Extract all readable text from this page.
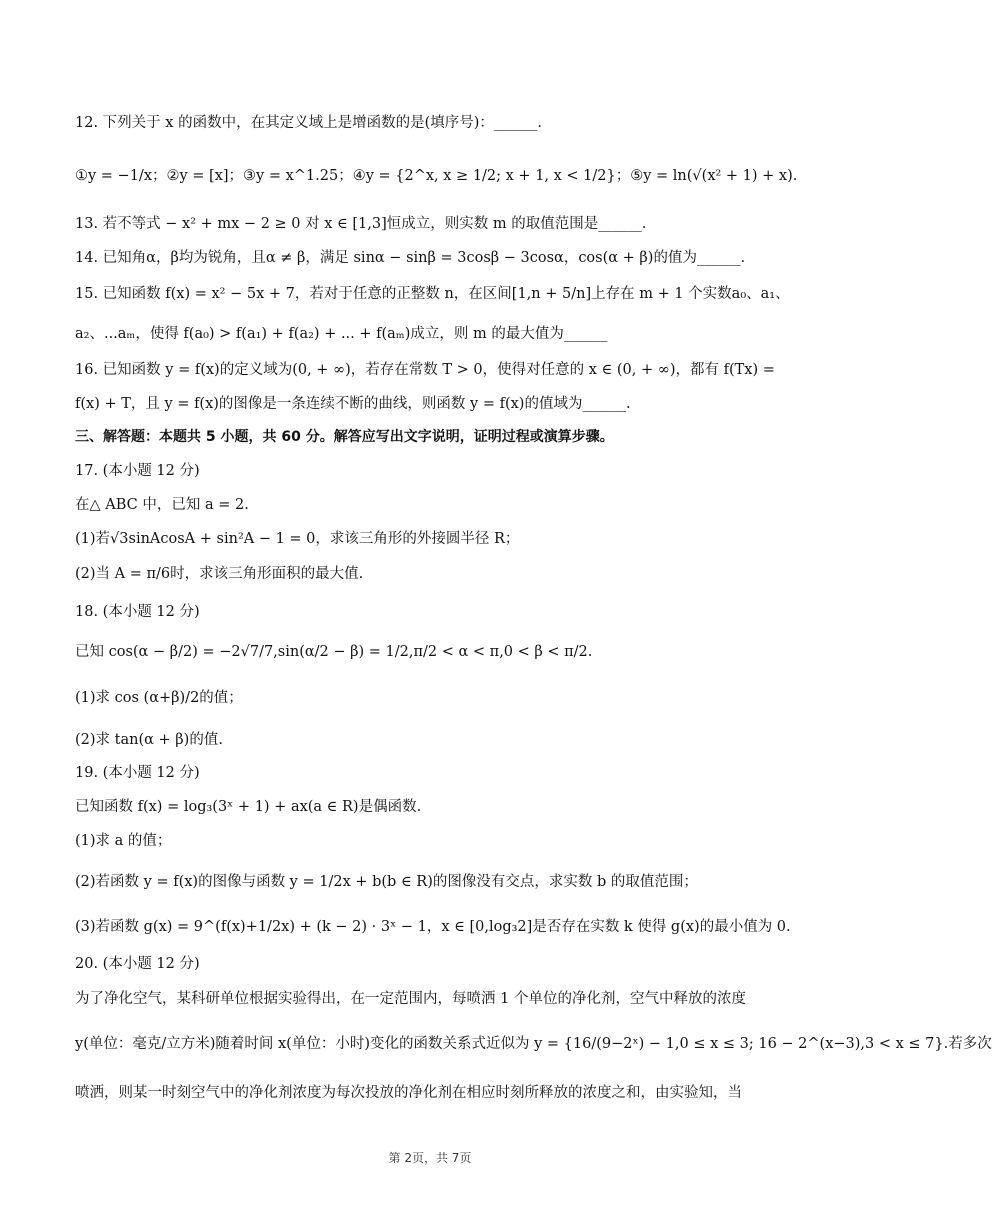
12. 下列关于 x 的函数中，在其定义域上是增函数的是(填序号)：______.
①y = −1/x；②y = [x]；③y = x^1.25；④y = {2^x, x ≥ 1/2; x + 1, x < 1/2}；⑤y = ln(√(x² + 1) + x).
13. 若不等式 − x² + mx − 2 ≥ 0 对 x ∈ [1,3]恒成立，则实数 m 的取值范围是______.
14. 已知角α，β均为锐角，且α ≠ β，满足 sinα − sinβ = 3cosβ − 3cosα，cos(α + β)的值为______.
15. 已知函数 f(x) = x² − 5x + 7，若对于任意的正整数 n，在区间[1,n + 5/n]上存在 m + 1 个实数a₀、a₁、
a₂、...aₘ，使得 f(a₀) > f(a₁) + f(a₂) + ... + f(aₘ)成立，则 m 的最大值为______
16. 已知函数 y = f(x)的定义域为(0, + ∞)，若存在常数 T > 0，使得对任意的 x ∈ (0, + ∞)，都有 f(Tx) =
f(x) + T，且 y = f(x)的图像是一条连续不断的曲线，则函数 y = f(x)的值域为______.
三、解答题：本题共 5 小题，共 60 分。解答应写出文字说明，证明过程或演算步骤。
17. (本小题 12 分)
在△ ABC 中，已知 a = 2.
(1)若√3sinAcosA + sin²A − 1 = 0，求该三角形的外接圆半径 R；
(2)当 A = π/6时，求该三角形面积的最大值.
18. (本小题 12 分)
已知 cos(α − β/2) = −2√7/7,sin(α/2 − β) = 1/2,π/2 < α < π,0 < β < π/2.
(1)求 cos (α+β)/2的值；
(2)求 tan(α + β)的值.
19. (本小题 12 分)
已知函数 f(x) = log₃(3ˣ + 1) + ax(a ∈ R)是偶函数.
(1)求 a 的值；
(2)若函数 y = f(x)的图像与函数 y = 1/2x + b(b ∈ R)的图像没有交点，求实数 b 的取值范围；
(3)若函数 g(x) = 9^(f(x)+1/2x) + (k − 2) · 3ˣ − 1，x ∈ [0,log₃2]是否存在实数 k 使得 g(x)的最小值为 0.
20. (本小题 12 分)
为了净化空气，某科研单位根据实验得出，在一定范围内，每喷洒 1 个单位的净化剂，空气中释放的浓度
y(单位：毫克/立方米)随着时间 x(单位：小时)变化的函数关系式近似为 y = {16/(9−2ˣ) − 1,0 ≤ x ≤ 3; 16 − 2^(x−3),3 < x ≤ 7}.若多次
喷洒，则某一时刻空气中的净化剂浓度为每次投放的净化剂在相应时刻所释放的浓度之和，由实验知，当
第 2页，共 7页
